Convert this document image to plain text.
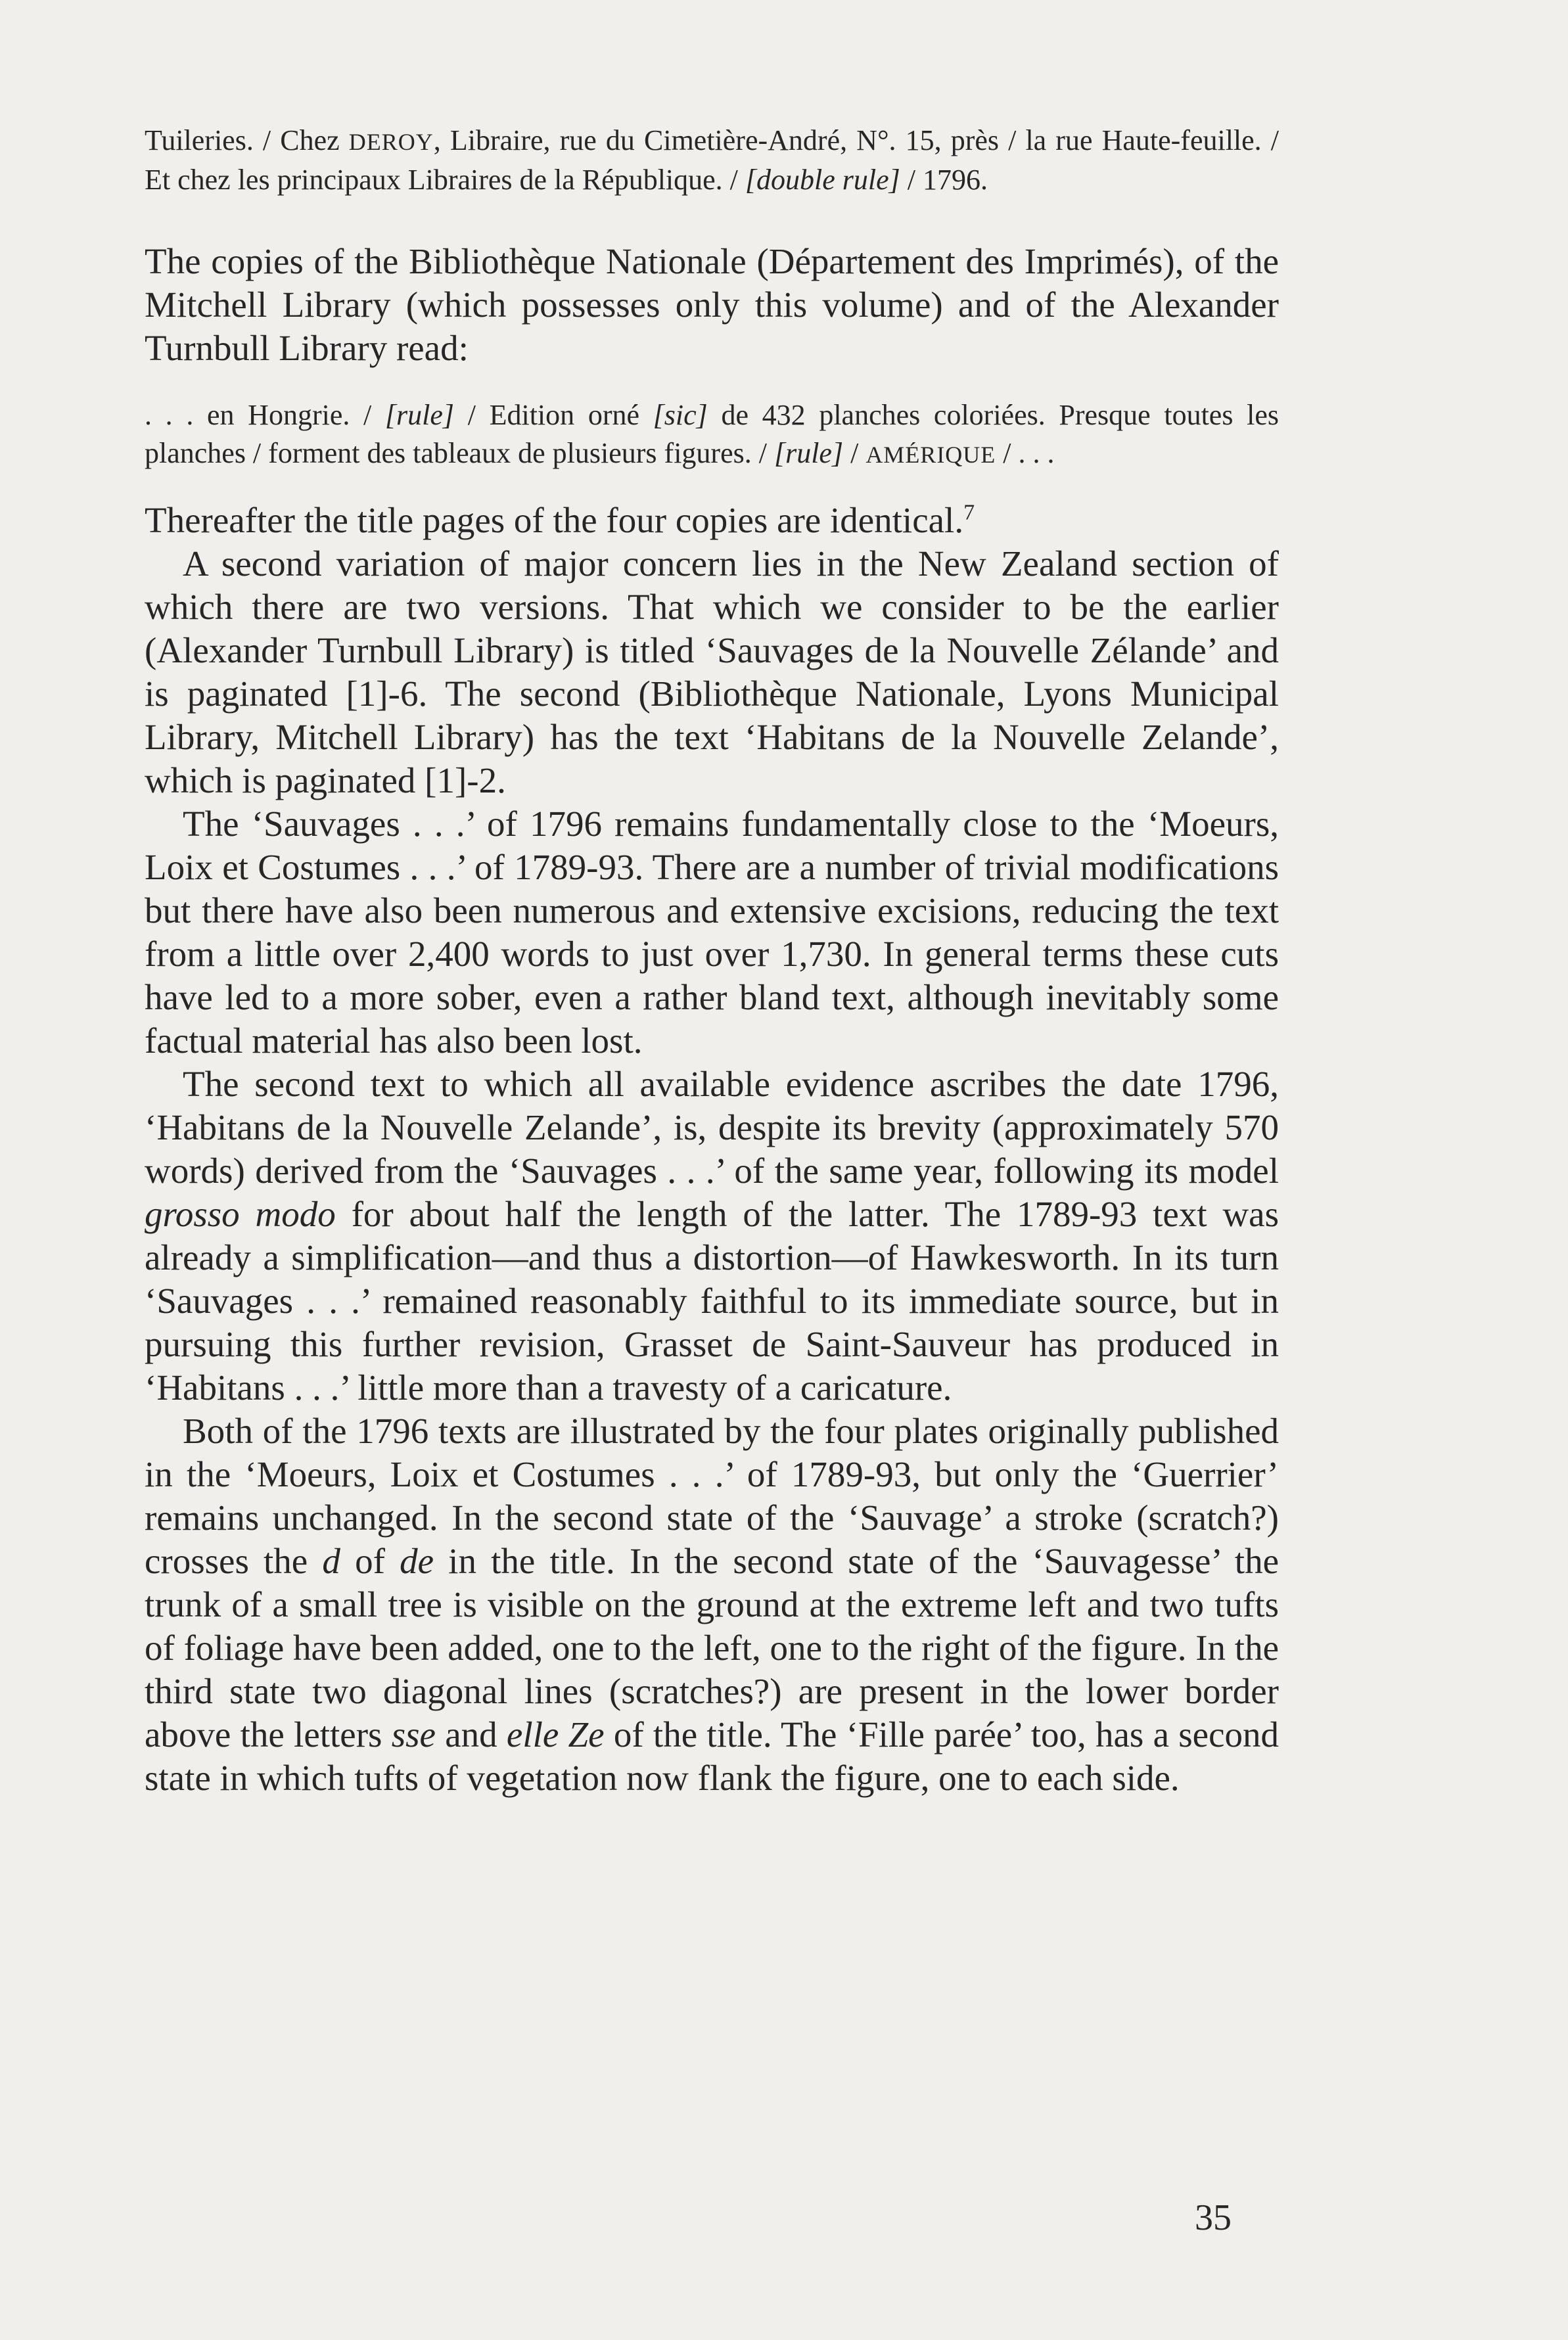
Tuileries. / Chez DEROY, Libraire, rue du Cimetière-André, N°. 15, près / la rue Haute-feuille. / Et chez les principaux Libraires de la République. / [double rule] / 1796.

The copies of the Bibliothèque Nationale (Département des Imprimés), of the Mitchell Library (which possesses only this volume) and of the Alexander Turnbull Library read:

. . . en Hongrie. / [rule] / Edition orné [sic] de 432 planches coloriées. Presque toutes les planches / forment des tableaux de plusieurs figures. / [rule] / AMÉRIQUE / . . .

Thereafter the title pages of the four copies are identical.$^7$

A second variation of major concern lies in the New Zealand section of which there are two versions. That which we consider to be the earlier (Alexander Turnbull Library) is titled ‘Sauvages de la Nouvelle Zélande’ and is paginated [1]-6. The second (Bibliothèque Nationale, Lyons Municipal Library, Mitchell Library) has the text ‘Habitans de la Nouvelle Zelande’, which is paginated [1]-2.

The ‘Sauvages . . .’ of 1796 remains fundamentally close to the ‘Moeurs, Loix et Costumes . . .’ of 1789-93. There are a number of trivial modifications but there have also been numerous and extensive excisions, reducing the text from a little over 2,400 words to just over 1,730. In general terms these cuts have led to a more sober, even a rather bland text, although inevitably some factual material has also been lost.

The second text to which all available evidence ascribes the date 1796, ‘Habitans de la Nouvelle Zelande’, is, despite its brevity (approximately 570 words) derived from the ‘Sauvages . . .’ of the same year, following its model grosso modo for about half the length of the latter. The 1789-93 text was already a simplification—and thus a distortion—of Hawkesworth. In its turn ‘Sauvages . . .’ remained reasonably faithful to its immediate source, but in pursuing this further revision, Grasset de Saint-Sauveur has produced in ‘Habitans . . .’ little more than a travesty of a caricature.

Both of the 1796 texts are illustrated by the four plates originally published in the ‘Moeurs, Loix et Costumes . . .’ of 1789-93, but only the ‘Guerrier’ remains unchanged. In the second state of the ‘Sauvage’ a stroke (scratch?) crosses the d of de in the title. In the second state of the ‘Sauvagesse’ the trunk of a small tree is visible on the ground at the extreme left and two tufts of foliage have been added, one to the left, one to the right of the figure. In the third state two diagonal lines (scratches?) are present in the lower border above the letters sse and elle Ze of the title. The ‘Fille parée’ too, has a second state in which tufts of vegetation now flank the figure, one to each side.

35
